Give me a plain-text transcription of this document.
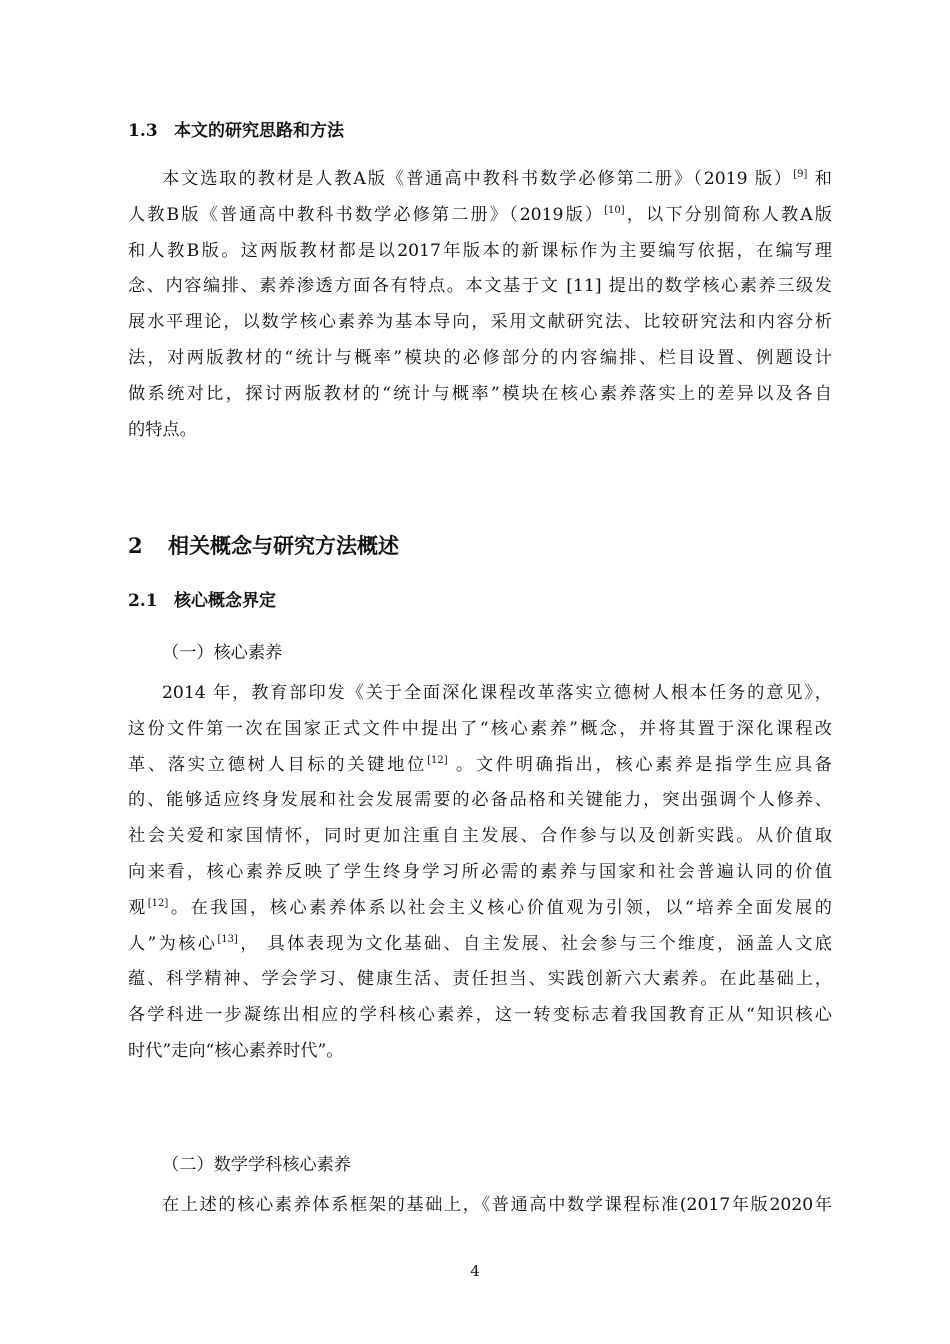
1.3 本文的研究思路和方法
本文选取的教材是人教A版《普通高中教科书数学必修第二册》（2019 版）[9] 和
人教B版《普通高中教科书数学必修第二册》（2019版）[10]，以下分别简称人教A版
和人教B版。这两版教材都是以2017年版本的新课标作为主要编写依据，在编写理
念、内容编排、素养渗透方面各有特点。本文基于文 [11] 提出的数学核心素养三级发
展水平理论，以数学核心素养为基本导向，采用文献研究法、比较研究法和内容分析
法，对两版教材的“统计与概率”模块的必修部分的内容编排、栏目设置、例题设计
做系统对比，探讨两版教材的“统计与概率”模块在核心素养落实上的差异以及各自
的特点。
2 相关概念与研究方法概述
2.1 核心概念界定
（一）核心素养
2014 年，教育部印发《关于全面深化课程改革落实立德树人根本任务的意见》，
这份文件第一次在国家正式文件中提出了“核心素养”概念，并将其置于深化课程改
革、落实立德树人目标的关键地位[12] 。文件明确指出，核心素养是指学生应具备
的、能够适应终身发展和社会发展需要的必备品格和关键能力，突出强调个人修养、
社会关爱和家国情怀，同时更加注重自主发展、合作参与以及创新实践。从价值取
向来看，核心素养反映了学生终身学习所必需的素养与国家和社会普遍认同的价值
观[12]。在我国，核心素养体系以社会主义核心价值观为引领，以“培养全面发展的
人”为核心[13]， 具体表现为文化基础、自主发展、社会参与三个维度，涵盖人文底
蕴、科学精神、学会学习、健康生活、责任担当、实践创新六大素养。在此基础上，
各学科进一步凝练出相应的学科核心素养，这一转变标志着我国教育正从“知识核心
时代”走向“核心素养时代”。
（二）数学学科核心素养
在上述的核心素养体系框架的基础上，《普通高中数学课程标准(2017年版2020年
4
